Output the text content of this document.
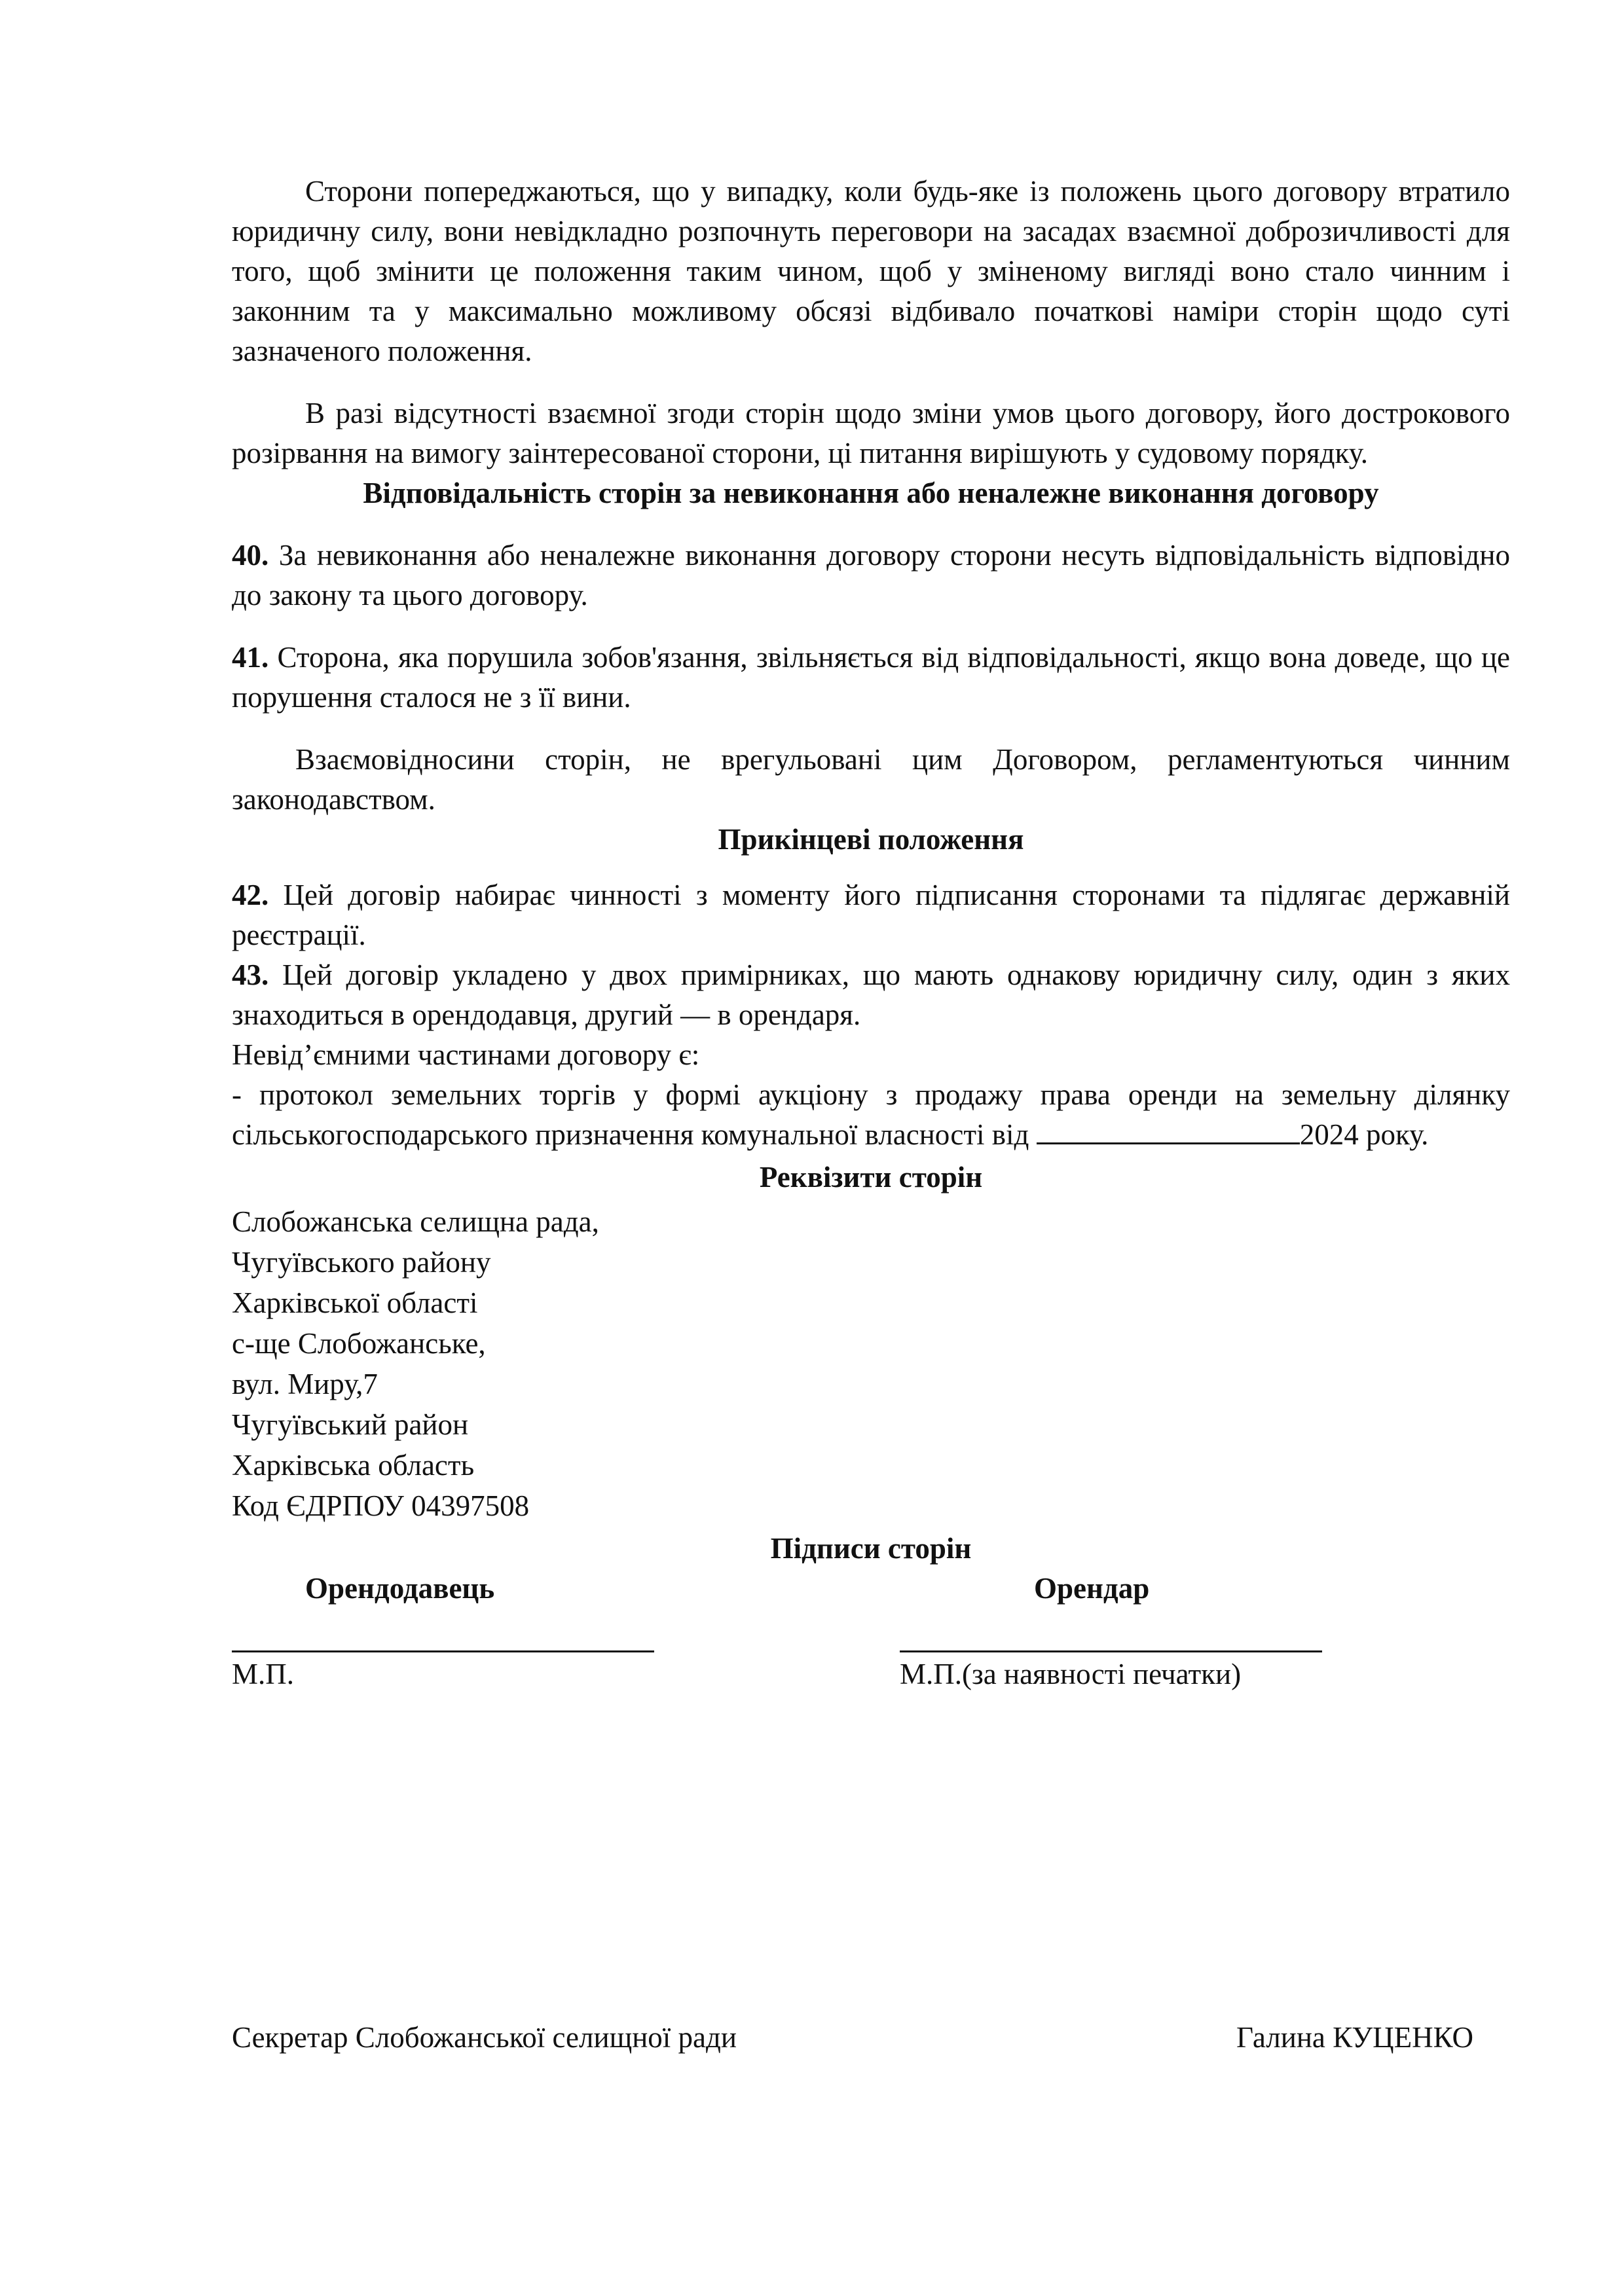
Сторони попереджаються, що у випадку, коли будь-яке із положень цього договору втратило юридичну силу, вони невідкладно розпочнуть переговори на засадах взаємної доброзичливості для того, щоб змінити це положення таким чином, щоб у зміненому вигляді воно стало чинним і законним та у максимально можливому обсязі відбивало початкові наміри сторін щодо суті зазначеного положення.

В разі відсутності взаємної згоди сторін щодо зміни умов цього договору, його дострокового розірвання на вимогу заінтересованої сторони, ці питання вирішують у судовому порядку.

Відповідальність сторін за невиконання або неналежне виконання договору

40. За невиконання або неналежне виконання договору сторони несуть відповідальність відповідно до закону та цього договору.

41. Сторона, яка порушила зобов'язання, звільняється від відповідальності, якщо вона доведе, що це порушення сталося не з її вини.

Взаємовідносини сторін, не врегульовані цим Договором, регламентуються чинним законодавством.

Прикінцеві положення

42. Цей договір набирає чинності з моменту його підписання сторонами та підлягає державній реєстрації.

43. Цей договір укладено у двох примірниках, що мають однакову юридичну силу, один з яких знаходиться в орендодавця, другий — в орендаря.

Невід’ємними частинами договору є:

- протокол земельних торгів у формі аукціону з продажу права оренди на земельну ділянку сільськогосподарського призначення комунальної власності від	2024 року.

Реквізити сторін

Слобожанська селищна рада,
Чугуївського району
Харківської області
с-ще Слобожанське,
вул. Миру,7
Чугуївський район
Харківська область
Код ЄДРПОУ 04397508

Підписи сторін

Орендодавець	Орендар
М.П.	М.П.(за наявності печатки)
Секретар Слобожанської селищної ради	Галина КУЦЕНКО
